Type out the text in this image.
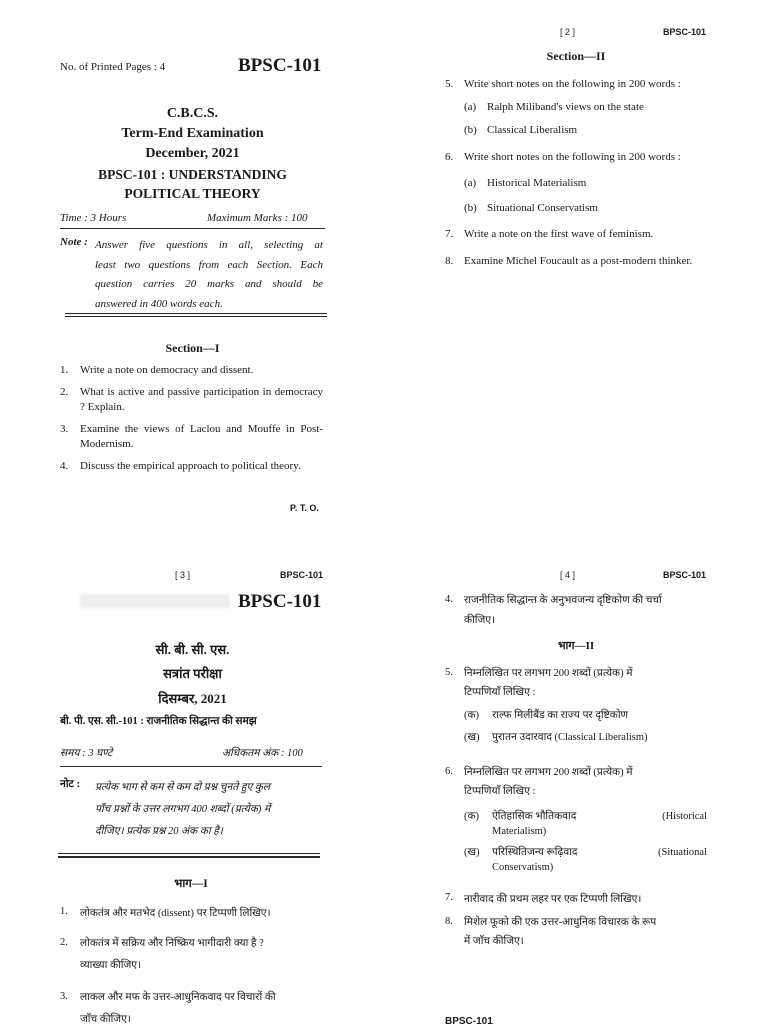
No. of Printed Pages : 4	BPSC-101
C.B.C.S.
Term-End Examination
December, 2021
BPSC-101 : UNDERSTANDING
POLITICAL THEORY
Time : 3 Hours	Maximum Marks : 100
Note : Answer five questions in all, selecting at
least two questions from each Section. Each
question carries 20 marks and should be
answered in 400 words each.
Section—I
1.	Write a note on democracy and dissent.
2.	What is active and passive participation in democracy ? Explain.
3.	Examine the views of Laclou and Mouffe in Post-Modernism.
4.	Discuss the empirical approach to political theory.
P. T. O.
[ 2 ]	BPSC-101
Section—II
5. Write short notes on the following in 200 words :
(a) Ralph Miliband's views on the state
(b) Classical Liberalism
6. Write short notes on the following in 200 words :
(a) Historical Materialism
(b) Situational Conservatism
7. Write a note on the first wave of feminism.
8. Examine Michel Foucault as a post-modern thinker.
[ 3 ]	BPSC-101
BPSC-101
सी. बी. सी. एस.
सत्रांत परीक्षा
दिसम्बर, 2021
बी. पी. एस. सी.-101 : राजनीतिक सिद्धान्त की समझ
समय : 3 घण्टे	अधिकतम अंक : 100
नोट : प्रत्येक भाग से कम से कम दो प्रश्न चुनते हुए कुल
पाँच प्रश्नों के उत्तर लगभग 400 शब्दों (प्रत्येक) में
दीजिए। प्रत्येक प्रश्न 20 अंक का है।
भाग—I
1.	लोकतंत्र और मतभेद (dissent) पर टिप्पणी लिखिए।
2.	लोकतंत्र में सक्रिय और निष्क्रिय भागीदारी क्या है ?
व्याख्या कीजिए।
3.	लाकल और मफ के उत्तर-आधुनिकवाद पर विचारों की
जाँच कीजिए।
[ 4 ]	BPSC-101
4.	राजनीतिक सिद्धान्त के अनुभवजन्य दृष्टिकोण की चर्चा
कीजिए।
भाग—II
5.	निम्नलिखित पर लगभग 200 शब्दों (प्रत्येक) में
टिप्पणियाँ लिखिए :
(क)	राल्फ मिलीबैंड का राज्य पर दृष्टिकोण
(ख)	पुरातन उदारवाद (Classical Liberalism)
6.	निम्नलिखित पर लगभग 200 शब्दों (प्रत्येक) में
टिप्पणियाँ लिखिए :
(क)	ऐतिहासिक भौतिकवाद	(Historical
Materialism)
(ख)	परिस्थितिजन्य रूढ़िवाद	(Situational
Conservatism)
7.	नारीवाद की प्रथम लहर पर एक टिप्पणी लिखिए।
8.	मिशेल फूको की एक उत्तर-आधुनिक विचारक के रूप
में जाँच कीजिए।
BPSC-101
